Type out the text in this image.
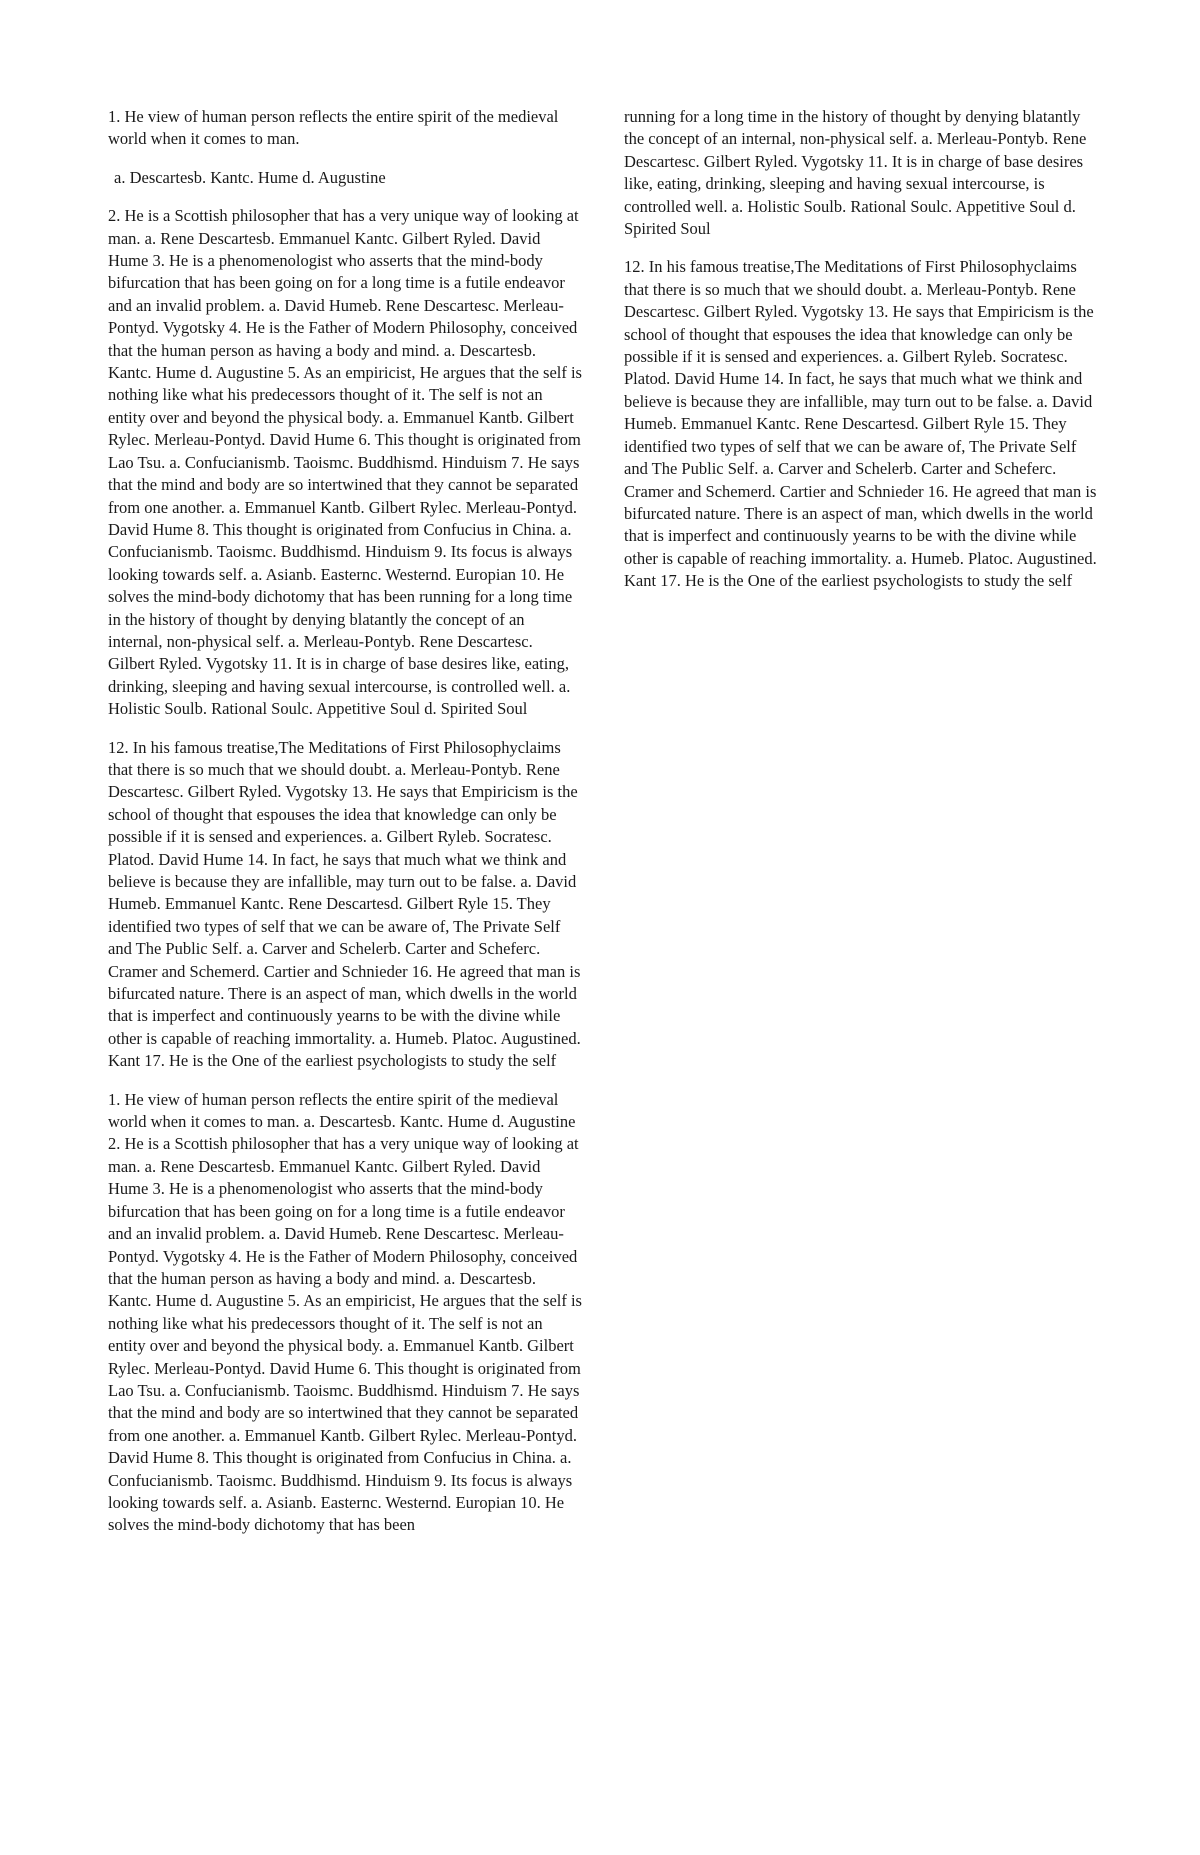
1. He view of human person reflects the entire spirit of the medieval world when it comes to man.

a. Descartesb. Kantc. Hume d. Augustine

2. He is a Scottish philosopher that has a very unique way of looking at man. a. Rene Descartesb. Emmanuel Kantc. Gilbert Ryled. David Hume 3. He is a phenomenologist who asserts that the mind-body bifurcation that has been going on for a long time is a futile endeavor and an invalid problem. a. David Humeb. Rene Descartesc. Merleau-Pontyd. Vygotsky 4. He is the Father of Modern Philosophy, conceived that the human person as having a body and mind. a. Descartesb. Kantc. Hume d. Augustine 5. As an empiricist, He argues that the self is nothing like what his predecessors thought of it. The self is not an entity over and beyond the physical body. a. Emmanuel Kantb. Gilbert Rylec. Merleau-Pontyd. David Hume 6. This thought is originated from Lao Tsu. a. Confucianismb. Taoismc. Buddhismd. Hinduism 7. He says that the mind and body are so intertwined that they cannot be separated from one another. a. Emmanuel Kantb. Gilbert Rylec. Merleau-Pontyd. David Hume 8. This thought is originated from Confucius in China. a. Confucianismb. Taoismc. Buddhismd. Hinduism 9. Its focus is always looking towards self. a. Asianb. Easternc. Westernd. Europian 10. He solves the mind-body dichotomy that has been running for a long time in the history of thought by denying blatantly the concept of an internal, non-physical self. a. Merleau-Pontyb. Rene Descartesc. Gilbert Ryled. Vygotsky 11. It is in charge of base desires like, eating, drinking, sleeping and having sexual intercourse, is controlled well. a. Holistic Soulb. Rational Soulc. Appetitive Soul d. Spirited Soul

12. In his famous treatise,The Meditations of First Philosophyclaims that there is so much that we should doubt. a. Merleau-Pontyb. Rene Descartesc. Gilbert Ryled. Vygotsky 13. He says that Empiricism is the school of thought that espouses the idea that knowledge can only be possible if it is sensed and experiences. a. Gilbert Ryleb. Socratesc. Platod. David Hume 14. In fact, he says that much what we think and believe is because they are infallible, may turn out to be false. a. David Humeb. Emmanuel Kantc. Rene Descartesd. Gilbert Ryle 15. They identified two types of self that we can be aware of, The Private Self and The Public Self. a. Carver and Schelerb. Carter and Scheferc. Cramer and Schemerd. Cartier and Schnieder 16. He agreed that man is bifurcated nature. There is an aspect of man, which dwells in the world that is imperfect and continuously yearns to be with the divine while other is capable of reaching immortality. a. Humeb. Platoc. Augustined. Kant 17. He is the One of the earliest psychologists to study the self

1. He view of human person reflects the entire spirit of the medieval world when it comes to man. a. Descartesb. Kantc. Hume d. Augustine 2. He is a Scottish philosopher that has a very unique way of looking at man. a. Rene Descartesb. Emmanuel Kantc. Gilbert Ryled. David Hume 3. He is a phenomenologist who asserts that the mind-body bifurcation that has been going on for a long time is a futile endeavor and an invalid problem. a. David Humeb. Rene Descartesc. Merleau-Pontyd. Vygotsky 4. He is the Father of Modern Philosophy, conceived that the human person as having a body and mind. a. Descartesb. Kantc. Hume d. Augustine 5. As an empiricist, He argues that the self is nothing like what his predecessors thought of it. The self is not an entity over and beyond the physical body. a. Emmanuel Kantb. Gilbert Rylec. Merleau-Pontyd. David Hume 6. This thought is originated from Lao Tsu. a. Confucianismb. Taoismc. Buddhismd. Hinduism 7. He says that the mind and body are so intertwined that they cannot be separated from one another. a. Emmanuel Kantb. Gilbert Rylec. Merleau-Pontyd. David Hume 8. This thought is originated from Confucius in China. a. Confucianismb. Taoismc. Buddhismd. Hinduism 9. Its focus is always looking towards self. a. Asianb. Easternc. Westernd. Europian 10. He solves the mind-body dichotomy that has been

running for a long time in the history of thought by denying blatantly the concept of an internal, non-physical self. a. Merleau-Pontyb. Rene Descartesc. Gilbert Ryled. Vygotsky 11. It is in charge of base desires like, eating, drinking, sleeping and having sexual intercourse, is controlled well. a. Holistic Soulb. Rational Soulc. Appetitive Soul d. Spirited Soul

12. In his famous treatise,The Meditations of First Philosophyclaims that there is so much that we should doubt. a. Merleau-Pontyb. Rene Descartesc. Gilbert Ryled. Vygotsky 13. He says that Empiricism is the school of thought that espouses the idea that knowledge can only be possible if it is sensed and experiences. a. Gilbert Ryleb. Socratesc. Platod. David Hume 14. In fact, he says that much what we think and believe is because they are infallible, may turn out to be false. a. David Humeb. Emmanuel Kantc. Rene Descartesd. Gilbert Ryle 15. They identified two types of self that we can be aware of, The Private Self and The Public Self. a. Carver and Schelerb. Carter and Scheferc. Cramer and Schemerd. Cartier and Schnieder 16. He agreed that man is bifurcated nature. There is an aspect of man, which dwells in the world that is imperfect and continuously yearns to be with the divine while other is capable of reaching immortality. a. Humeb. Platoc. Augustined. Kant 17. He is the One of the earliest psychologists to study the self
